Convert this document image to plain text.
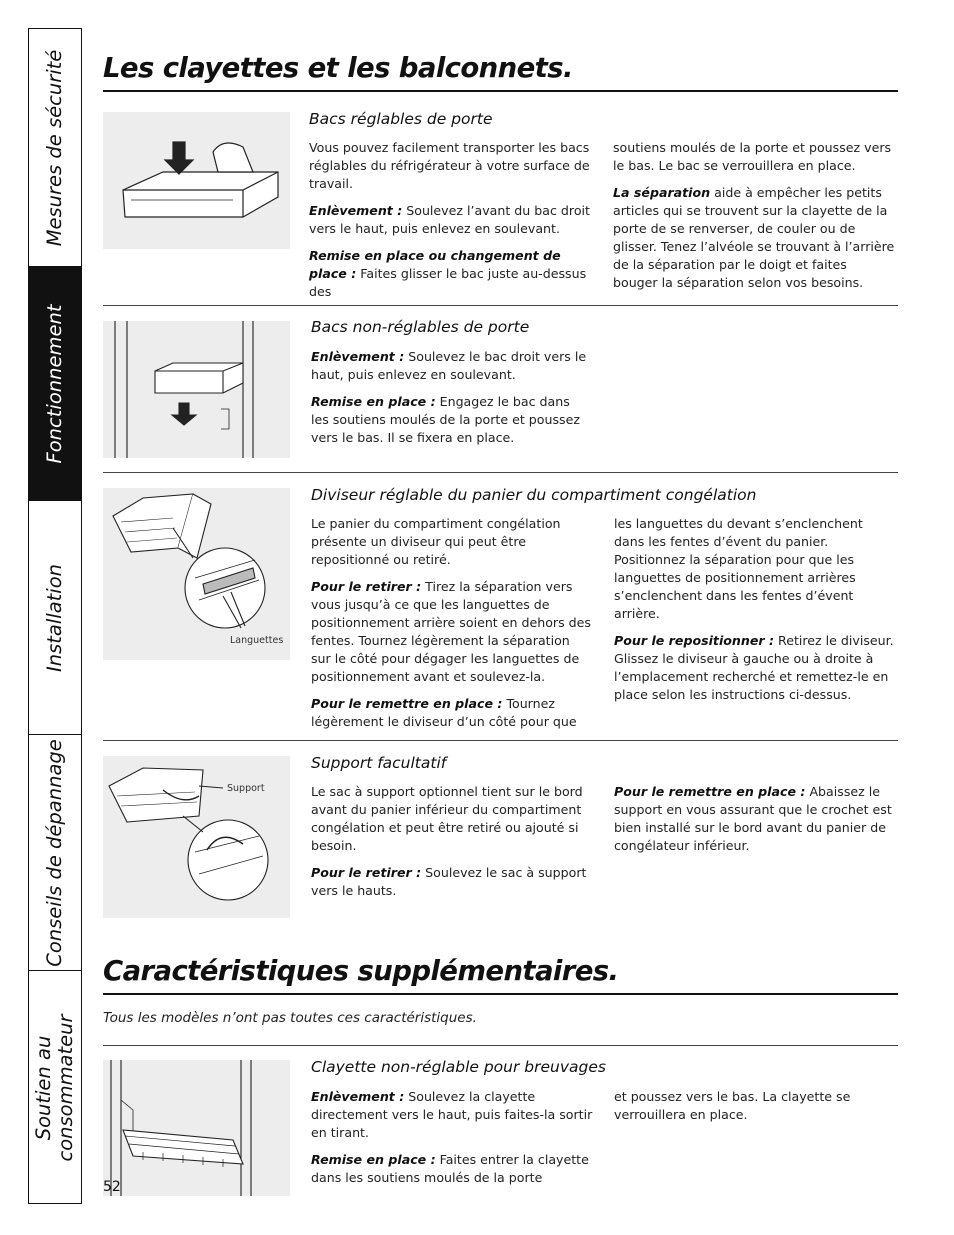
Mesures de sécurité
Fonctionnement
Installation
Conseils de dépannage
Soutien au
consommateur
Les clayettes et les balconnets.
Bacs réglables de porte

Vous pouvez facilement transporter les bacs réglables du réfrigérateur à votre surface de travail.

Enlèvement : Soulevez l’avant du bac droit vers le haut, puis enlevez en soulevant.

Remise en place ou changement de place : Faites glisser le bac juste au-dessus des

soutiens moulés de la porte et poussez vers le bas. Le bac se verrouillera en place.

La séparation aide à empêcher les petits articles qui se trouvent sur la clayette de la porte de se renverser, de couler ou de glisser. Tenez l’alvéole se trouvant à l’arrière de la séparation par le doigt et faites bouger la séparation selon vos besoins.

Bacs non-réglables de porte

Enlèvement : Soulevez le bac droit vers le haut, puis enlevez en soulevant.

Remise en place : Engagez le bac dans les soutiens moulés de la porte et poussez vers le bas. Il se fixera en place.

Languettes
Diviseur réglable du panier du compartiment congélation

Le panier du compartiment congélation présente un diviseur qui peut être repositionné ou retiré.

Pour le retirer : Tirez la séparation vers vous jusqu’à ce que les languettes de positionnement arrière soient en dehors des fentes. Tournez légèrement la séparation sur le côté pour dégager les languettes de positionnement avant et soulevez-la.

Pour le remettre en place : Tournez légèrement le diviseur d’un côté pour que

les languettes du devant s’enclenchent dans les fentes d’évent du panier. Positionnez la séparation pour que les languettes de positionnement arrières s’enclenchent dans les fentes d’évent arrière.

Pour le repositionner : Retirez le diviseur. Glissez le diviseur à gauche ou à droite à l’emplacement recherché et remettez-le en place selon les instructions ci-dessus.

Support
Support facultatif

Le sac à support optionnel tient sur le bord avant du panier inférieur du compartiment congélation et peut être retiré ou ajouté si besoin.

Pour le retirer : Soulevez le sac à support vers le hauts.

Pour le remettre en place : Abaissez le support en vous assurant que le crochet est bien installé sur le bord avant du panier de congélateur inférieur.

Caractéristiques supplémentaires.
Tous les modèles n’ont pas toutes ces caractéristiques.
Clayette non-réglable pour breuvages

Enlèvement : Soulevez la clayette directement vers le haut, puis faites-la sortir en tirant.

Remise en place : Faites entrer la clayette dans les soutiens moulés de la porte

et poussez vers le bas. La clayette se verrouillera en place.

52
